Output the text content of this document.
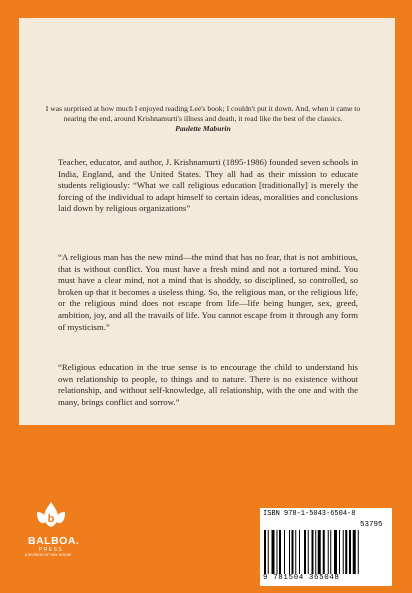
I was surprised at how much I enjoyed reading Lee's book; I couldn't put it down. And, when it came to nearing the end, around Krishnamurti's illness and death, it read like the best of the classics.
Paulette Maburin
Teacher, educator, and author, J. Krishnamurti (1895-1986) founded seven schools in India, England, and the United States. They all had as their mission to educate students religiously: “What we call religious education [traditionally] is merely the forcing of the individual to adapt himself to certain ideas, moralities and conclusions laid down by religious organizations”
“A religious man has the new mind—the mind that has no fear, that is not ambitious, that is without conflict. You must have a fresh mind and not a tortured mind. You must have a clear mind, not a mind that is shoddy, so disciplined, so controlled, so broken up that it becomes a useless thing. So, the religious man, or the religious life, or the religious mind does not escape from life—life being hunger, sex, greed, ambition, joy, and all the travails of life. You cannot escape from it through any form of mysticism.”
“Religious education in the true sense is to encourage the child to understand his own relationship to people, to things and to nature. There is no existence without relationship, and without self-knowledge, all relationship, with the one and with the many, brings conflict and sorrow.”
b
BALBOA.
PRESS
A DIVISION OF HAY HOUSE
ISBN 978-1-5043-6504-8
53795
9 781504 365048
